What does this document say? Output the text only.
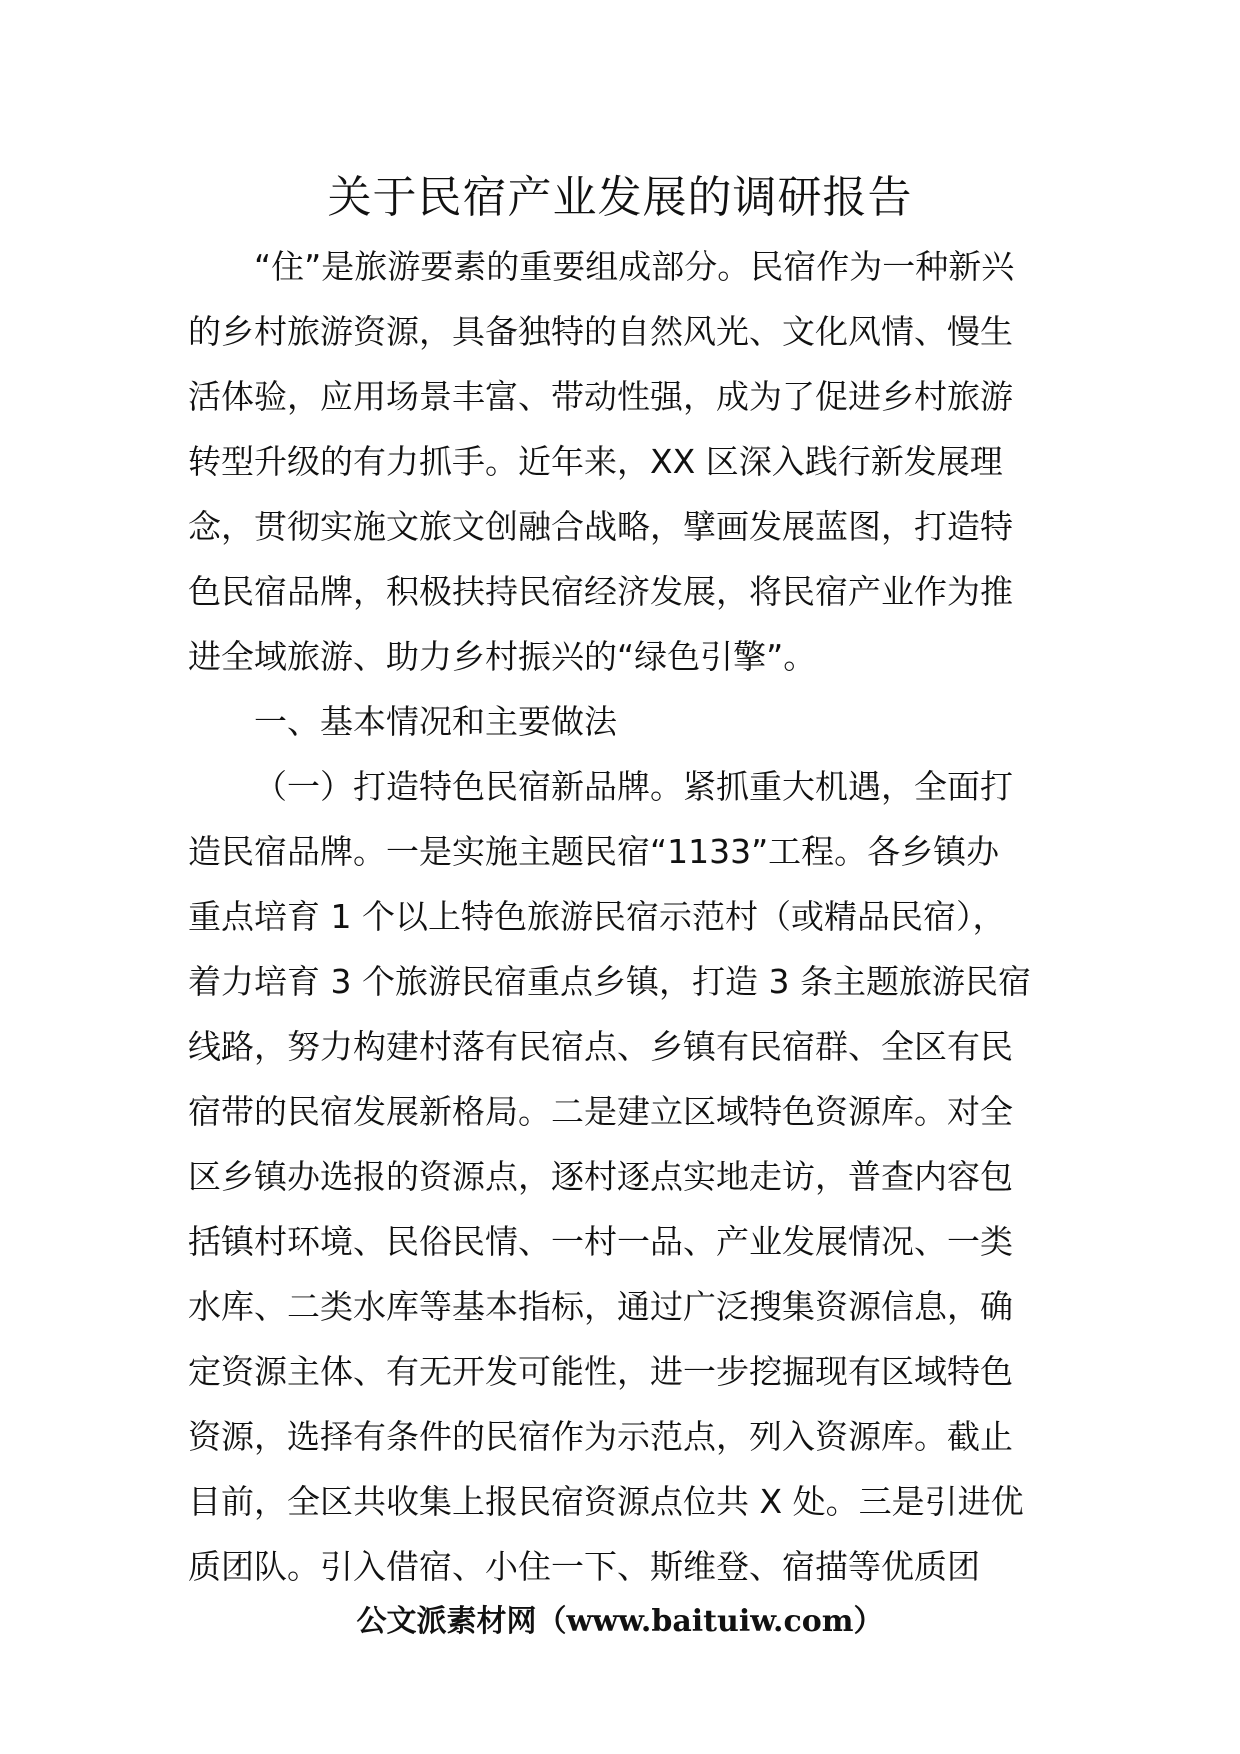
关于民宿产业发展的调研报告
“住”是旅游要素的重要组成部分。民宿作为一种新兴
的乡村旅游资源，具备独特的自然风光、文化风情、慢生
活体验，应用场景丰富、带动性强，成为了促进乡村旅游
转型升级的有力抓手。近年来，XX 区深入践行新发展理
念，贯彻实施文旅文创融合战略，擘画发展蓝图，打造特
色民宿品牌，积极扶持民宿经济发展，将民宿产业作为推
进全域旅游、助力乡村振兴的“绿色引擎”。
一、基本情况和主要做法
（一）打造特色民宿新品牌。紧抓重大机遇，全面打
造民宿品牌。一是实施主题民宿“1133”工程。各乡镇办
重点培育 1 个以上特色旅游民宿示范村（或精品民宿），
着力培育 3 个旅游民宿重点乡镇，打造 3 条主题旅游民宿
线路，努力构建村落有民宿点、乡镇有民宿群、全区有民
宿带的民宿发展新格局。二是建立区域特色资源库。对全
区乡镇办选报的资源点，逐村逐点实地走访，普查内容包
括镇村环境、民俗民情、一村一品、产业发展情况、一类
水库、二类水库等基本指标，通过广泛搜集资源信息，确
定资源主体、有无开发可能性，进一步挖掘现有区域特色
资源，选择有条件的民宿作为示范点，列入资源库。截止
目前，全区共收集上报民宿资源点位共 X 处。三是引进优
质团队。引入借宿、小住一下、斯维登、宿描等优质团
公文派素材网（www.baituiw.com）
